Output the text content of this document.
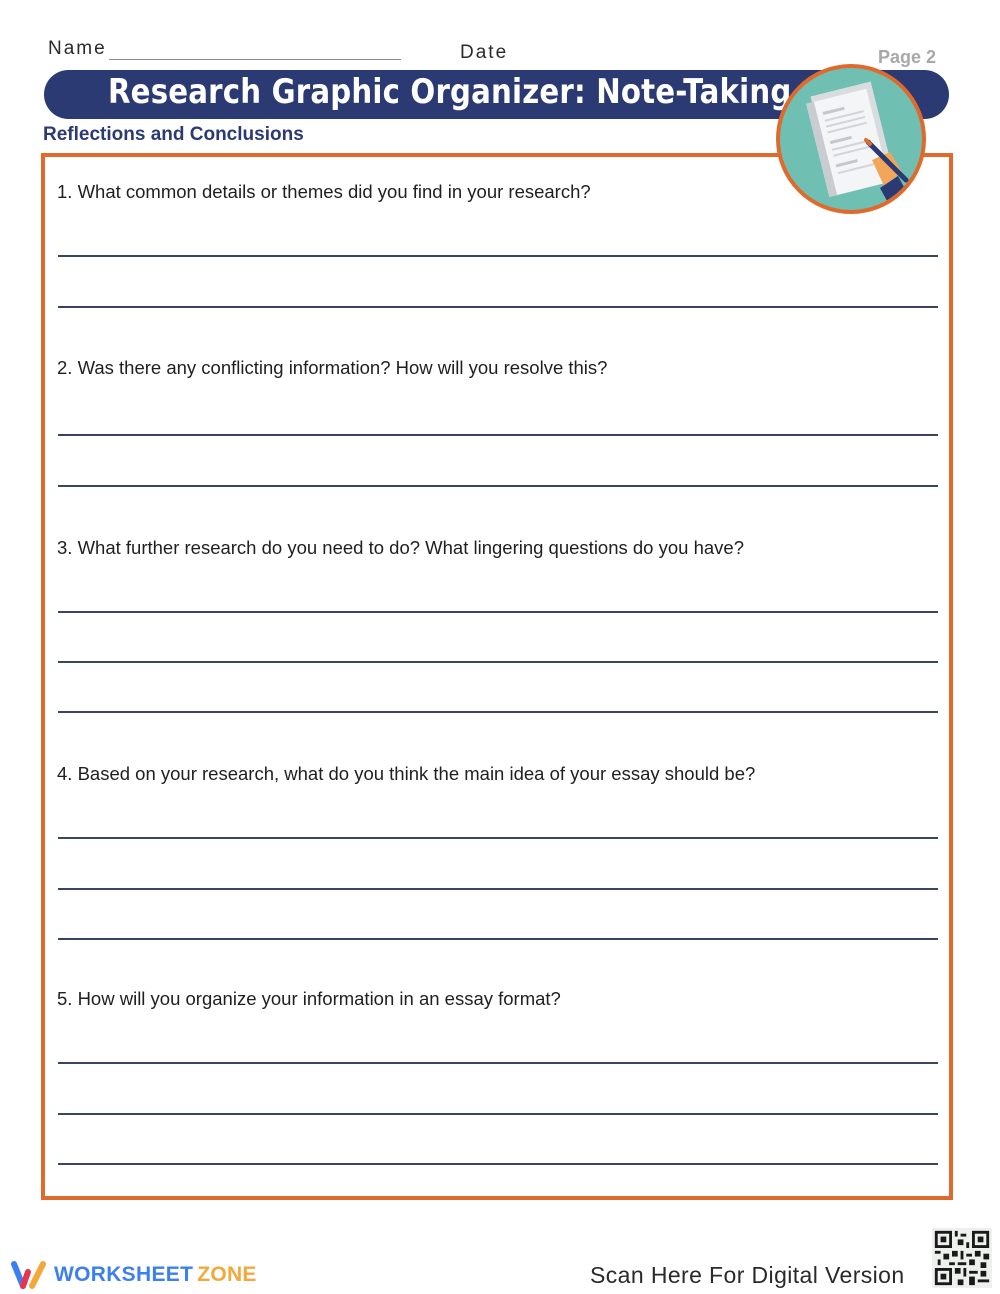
Name	Date	Page 2
Research Graphic Organizer: Note-Taking
Reflections and Conclusions
1. What common details or themes did you find in your research?
2. Was there any conflicting information? How will you resolve this?
3. What further research do you need to do? What lingering questions do you have?
4. Based on your research, what do you think the main idea of your essay should be?
5. How will you organize your information in an essay format?
WORKSHEET ZONE	Scan Here For Digital Version
